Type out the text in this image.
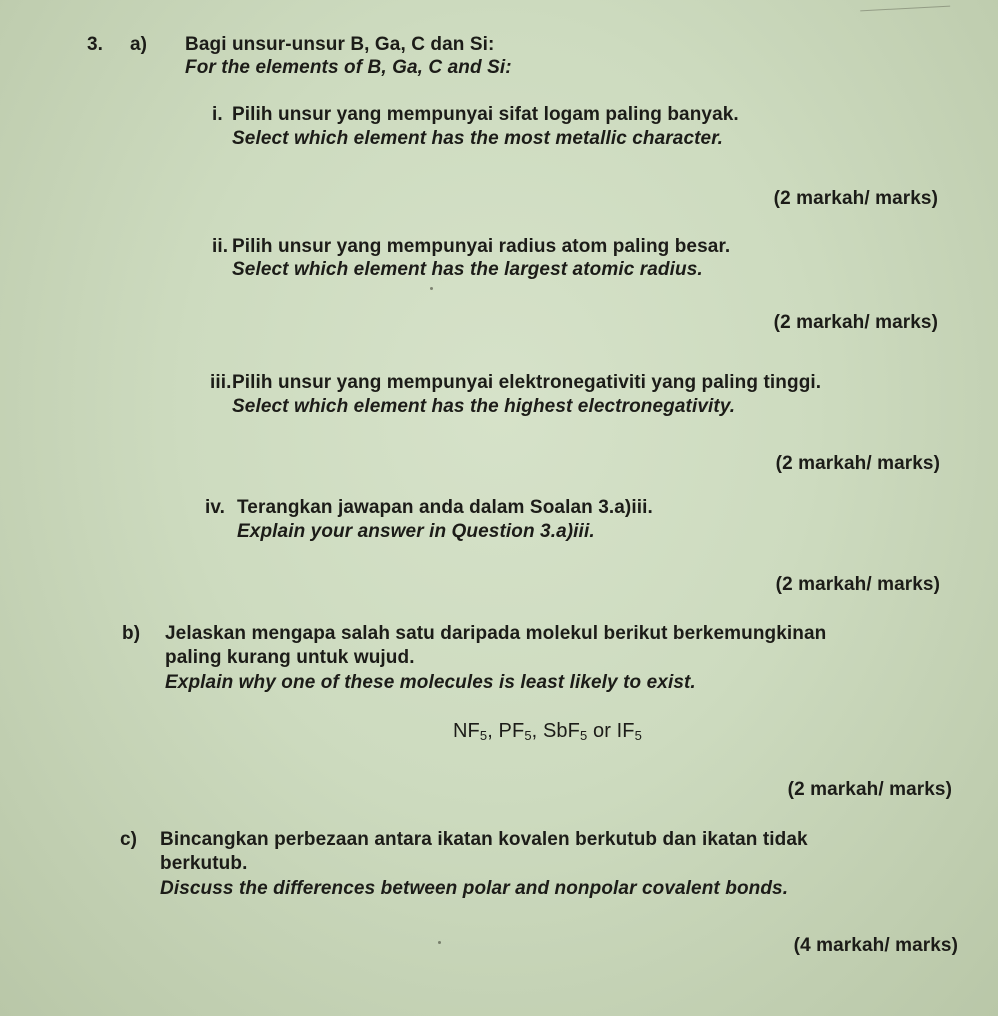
3. a) Bagi unsur-unsur B, Ga, C dan Si:
For the elements of B, Ga, C and Si:
i. Pilih unsur yang mempunyai sifat logam paling banyak.
Select which element has the most metallic character.
(2 markah/ marks)
ii. Pilih unsur yang mempunyai radius atom paling besar.
Select which element has the largest atomic radius.
(2 markah/ marks)
iii. Pilih unsur yang mempunyai elektronegativiti yang paling tinggi.
Select which element has the highest electronegativity.
(2 markah/ marks)
iv. Terangkan jawapan anda dalam Soalan 3.a)iii.
Explain your answer in Question 3.a)iii.
(2 markah/ marks)
b) Jelaskan mengapa salah satu daripada molekul berikut berkemungkinan
paling kurang untuk wujud.
Explain why one of these molecules is least likely to exist.
$NF_5$, $PF_5$, SbF$_5$ or $IF_5$
(2 markah/ marks)
c) Bincangkan perbezaan antara ikatan kovalen berkutub dan ikatan tidak
berkutub.
Discuss the differences between polar and nonpolar covalent bonds.
(4 markah/ marks)
